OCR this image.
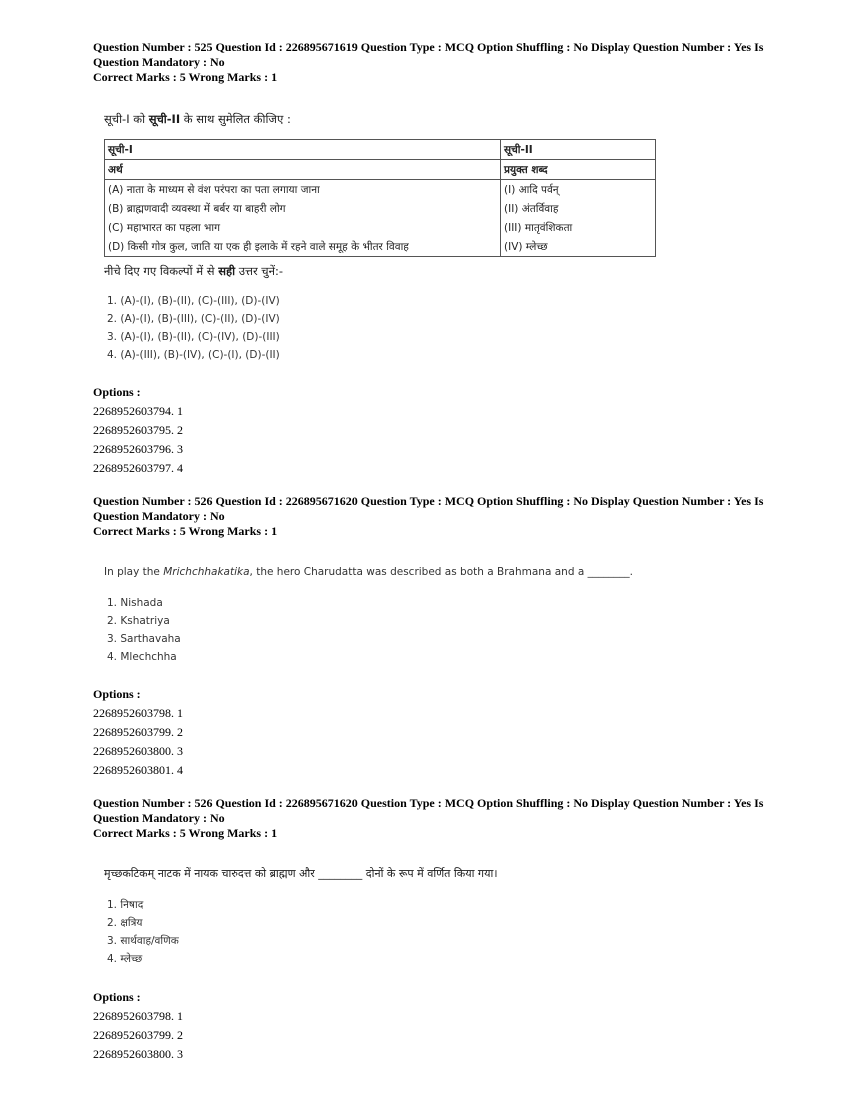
Question Number : 525 Question Id : 226895671619 Question Type : MCQ Option Shuffling : No Display Question Number : Yes Is Question Mandatory : No
Correct Marks : 5 Wrong Marks : 1
सूची-I को सूची-II के साथ सुमेलित कीजिए :
सूची-I	सूची-II
अर्थ	प्रयुक्त शब्द
(A) नाता के माध्यम से वंश परंपरा का पता लगाया जाना	(I) आदि पर्वन्
(B) ब्राह्मणवादी व्यवस्था में बर्बर या बाहरी लोग	(II) अंतर्विवाह
(C) महाभारत का पहला भाग	(III) मातृवंशिकता
(D) किसी गोत्र कुल, जाति या एक ही इलाके में रहने वाले समूह के भीतर विवाह	(IV) म्लेच्छ
नीचे दिए गए विकल्पों में से सही उत्तर चुनें:-
1. (A)-(I), (B)-(II), (C)-(III), (D)-(IV)
2. (A)-(I), (B)-(III), (C)-(II), (D)-(IV)
3. (A)-(I), (B)-(II), (C)-(IV), (D)-(III)
4. (A)-(III), (B)-(IV), (C)-(I), (D)-(II)
Options :
2268952603794. 1
2268952603795. 2
2268952603796. 3
2268952603797. 4
Question Number : 526 Question Id : 226895671620 Question Type : MCQ Option Shuffling : No Display Question Number : Yes Is Question Mandatory : No
Correct Marks : 5 Wrong Marks : 1
In play the Mrichchhakatika, the hero Charudatta was described as both a Brahmana and a ________.
1. Nishada
2. Kshatriya
3. Sarthavaha
4. Mlechchha
Options :
2268952603798. 1
2268952603799. 2
2268952603800. 3
2268952603801. 4
Question Number : 526 Question Id : 226895671620 Question Type : MCQ Option Shuffling : No Display Question Number : Yes Is Question Mandatory : No
Correct Marks : 5 Wrong Marks : 1
मृच्छकटिकम् नाटक में नायक चारुदत्त को ब्राह्मण और ________ दोनों के रूप में वर्णित किया गया।
1. निषाद
2. क्षत्रिय
3. सार्थवाह/वणिक
4. म्लेच्छ
Options :
2268952603798. 1
2268952603799. 2
2268952603800. 3
